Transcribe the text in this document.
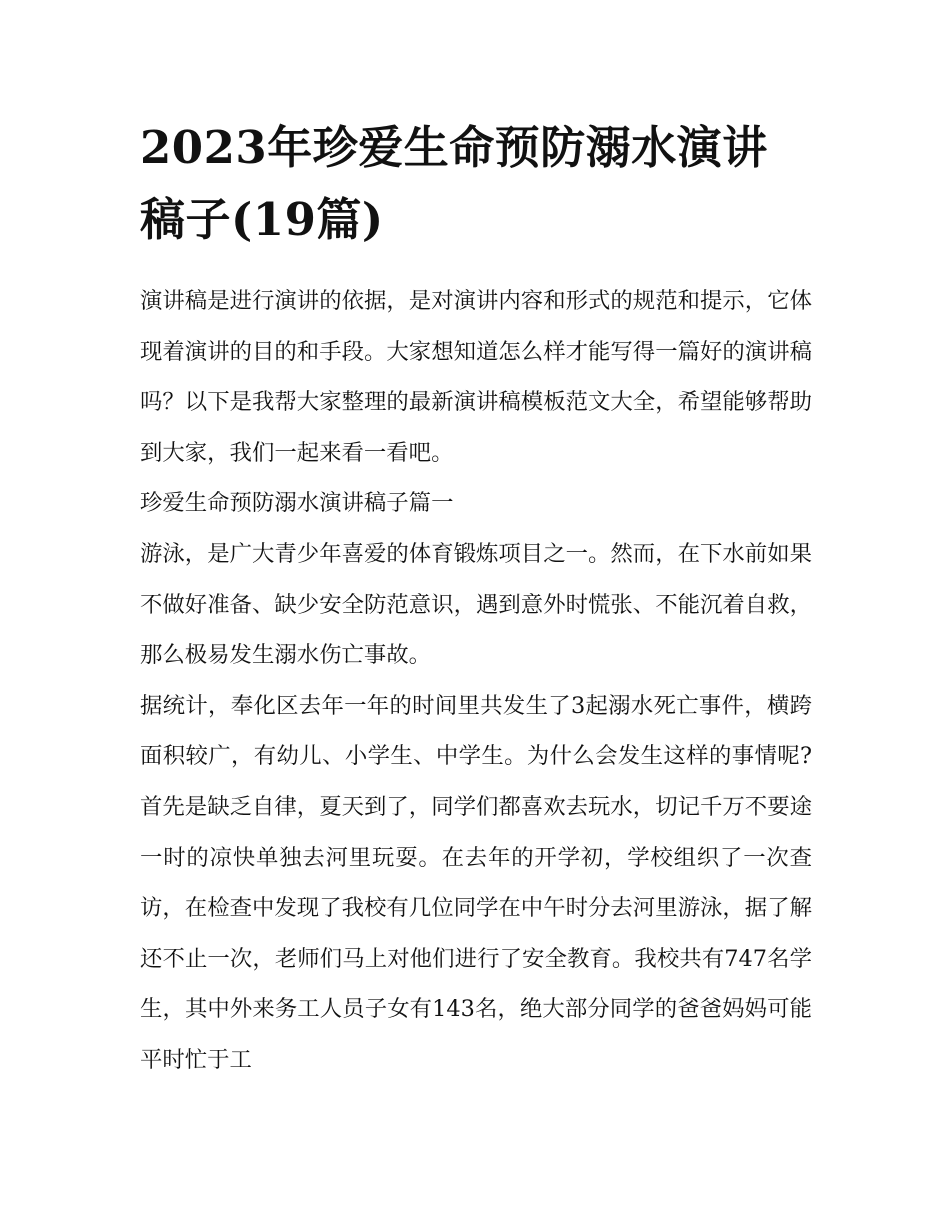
2023年珍爱生命预防溺水演讲稿子(19篇)

演讲稿是进行演讲的依据，是对演讲内容和形式的规范和提示，它体现着演讲的目的和手段。大家想知道怎么样才能写得一篇好的演讲稿吗？以下是我帮大家整理的最新演讲稿模板范文大全，希望能够帮助到大家，我们一起来看一看吧。

珍爱生命预防溺水演讲稿子篇一

游泳，是广大青少年喜爱的体育锻炼项目之一。然而，在下水前如果不做好准备、缺少安全防范意识，遇到意外时慌张、不能沉着自救，那么极易发生溺水伤亡事故。

据统计，奉化区去年一年的时间里共发生了3起溺水死亡事件，横跨面积较广，有幼儿、小学生、中学生。为什么会发生这样的事情呢?首先是缺乏自律，夏天到了，同学们都喜欢去玩水，切记千万不要途一时的凉快单独去河里玩耍。在去年的开学初，学校组织了一次查访，在检查中发现了我校有几位同学在中午时分去河里游泳，据了解还不止一次，老师们马上对他们进行了安全教育。我校共有747名学生，其中外来务工人员子女有143名，绝大部分同学的爸爸妈妈可能平时忙于工
